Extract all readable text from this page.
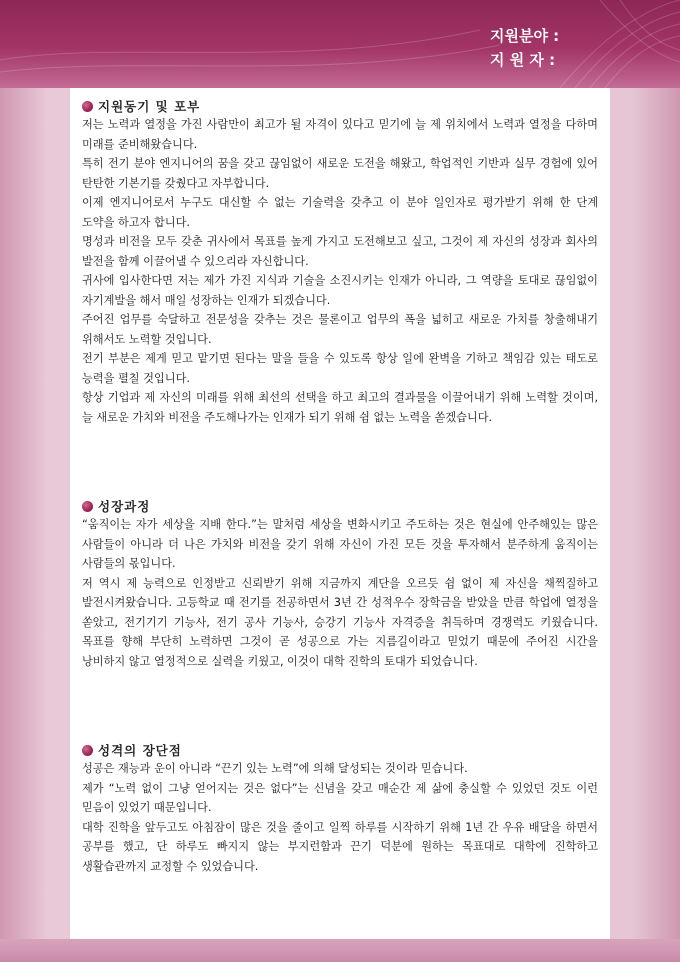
지원분야 :
지 원 자 :
지원동기 및 포부

저는 노력과 열정을 가진 사람만이 최고가 될 자격이 있다고 믿기에 늘 제 위치에서 노력과 열정을 다하며 미래를 준비해왔습니다.

특히 전기 분야 엔지니어의 꿈을 갖고 끊임없이 새로운 도전을 해왔고, 학업적인 기반과 실무 경험에 있어 탄탄한 기본기를 갖췄다고 자부합니다.

이제 엔지니어로서 누구도 대신할 수 없는 기술력을 갖추고 이 분야 일인자로 평가받기 위해 한 단계 도약을 하고자 합니다.

명성과 비전을 모두 갖춘 귀사에서 목표를 높게 가지고 도전해보고 싶고, 그것이 제 자신의 성장과 회사의 발전을 함께 이끌어낼 수 있으리라 자신합니다.

귀사에 입사한다면 저는 제가 가진 지식과 기술을 소진시키는 인재가 아니라, 그 역량을 토대로 끊임없이 자기계발을 해서 매일 성장하는 인재가 되겠습니다.

주어진 업무를 숙달하고 전문성을 갖추는 것은 물론이고 업무의 폭을 넓히고 새로운 가치를 창출해내기 위해서도 노력할 것입니다.

전기 부분은 제게 믿고 맡기면 된다는 말을 들을 수 있도록 항상 일에 완벽을 기하고 책임감 있는 태도로 능력을 펼칠 것입니다.

항상 기업과 제 자신의 미래를 위해 최선의 선택을 하고 최고의 결과물을 이끌어내기 위해 노력할 것이며, 늘 새로운 가치와 비전을 주도해나가는 인재가 되기 위해 쉼 없는 노력을 쏟겠습니다.

성장과정

“움직이는 자가 세상을 지배 한다.”는 말처럼 세상을 변화시키고 주도하는 것은 현실에 안주해있는 많은 사람들이 아니라 더 나은 가치와 비전을 갖기 위해 자신이 가진 모든 것을 투자해서 분주하게 움직이는 사람들의 몫입니다.

저 역시 제 능력으로 인정받고 신뢰받기 위해 지금까지 계단을 오르듯 쉼 없이 제 자신을 채찍질하고 발전시켜왔습니다. 고등학교 때 전기를 전공하면서 3년 간 성적우수 장학금을 받았을 만큼 학업에 열정을 쏟았고, 전기기기 기능사, 전기 공사 기능사, 승강기 기능사 자격증을 취득하며 경쟁력도 키웠습니다. 목표를 향해 부단히 노력하면 그것이 곧 성공으로 가는 지름길이라고 믿었기 때문에 주어진 시간을 낭비하지 않고 열정적으로 실력을 키웠고, 이것이 대학 진학의 토대가 되었습니다.

성격의 장단점

성공은 재능과 운이 아니라 “끈기 있는 노력”에 의해 달성되는 것이라 믿습니다.

제가 “노력 없이 그냥 얻어지는 것은 없다”는 신념을 갖고 매순간 제 삶에 충실할 수 있었던 것도 이런 믿음이 있었기 때문입니다.

대학 진학을 앞두고도 아침잠이 많은 것을 줄이고 일찍 하루를 시작하기 위해 1년 간 우유 배달을 하면서 공부를 했고, 단 하루도 빠지지 않는 부지런함과 끈기 덕분에 원하는 목표대로 대학에 진학하고 생활습관까지 교정할 수 있었습니다.
